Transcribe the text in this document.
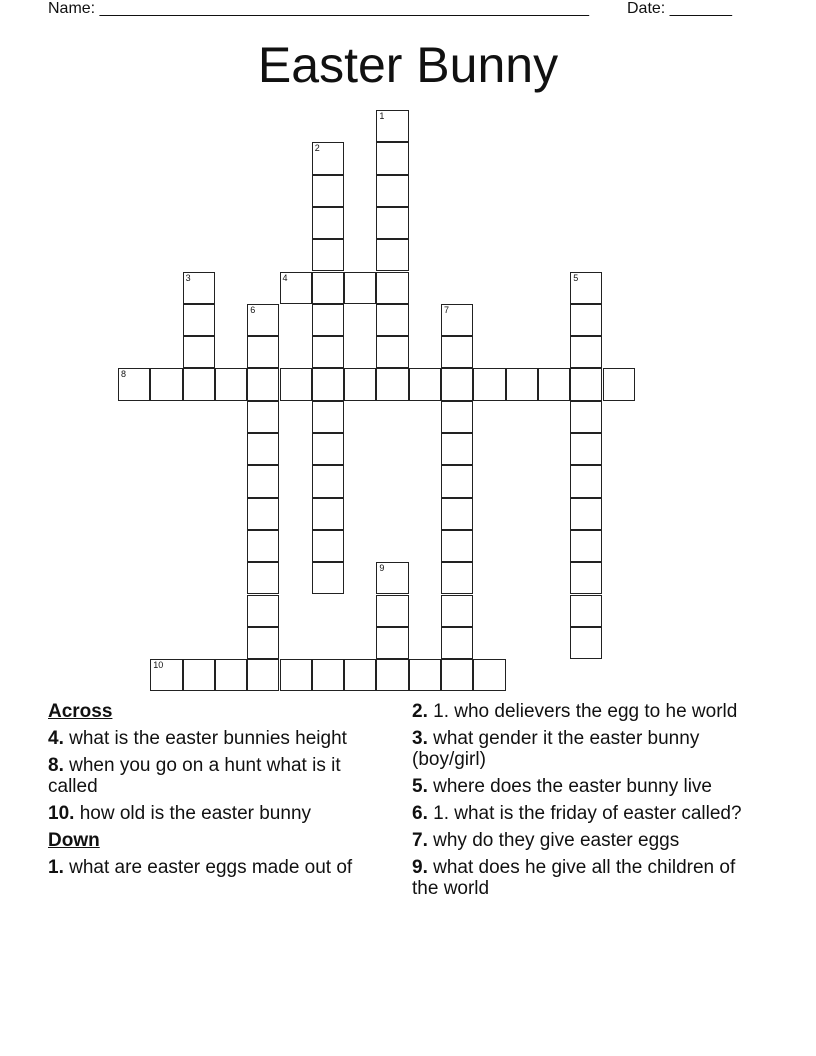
Name: _______________________________________________________ Date: _______
Easter Bunny
1
2
3	4	5
6	7
8
9
10
Across
4. what is the easter bunnies height
8. when you go on a hunt what is it called
10. how old is the easter bunny
Down
1. what are easter eggs made out of
2. 1. who delievers the egg to he world
3. what gender it the easter bunny (boy/girl)
5. where does the easter bunny live
6. 1. what is the friday of easter called?
7. why do they give easter eggs
9. what does he give all the children of the world
